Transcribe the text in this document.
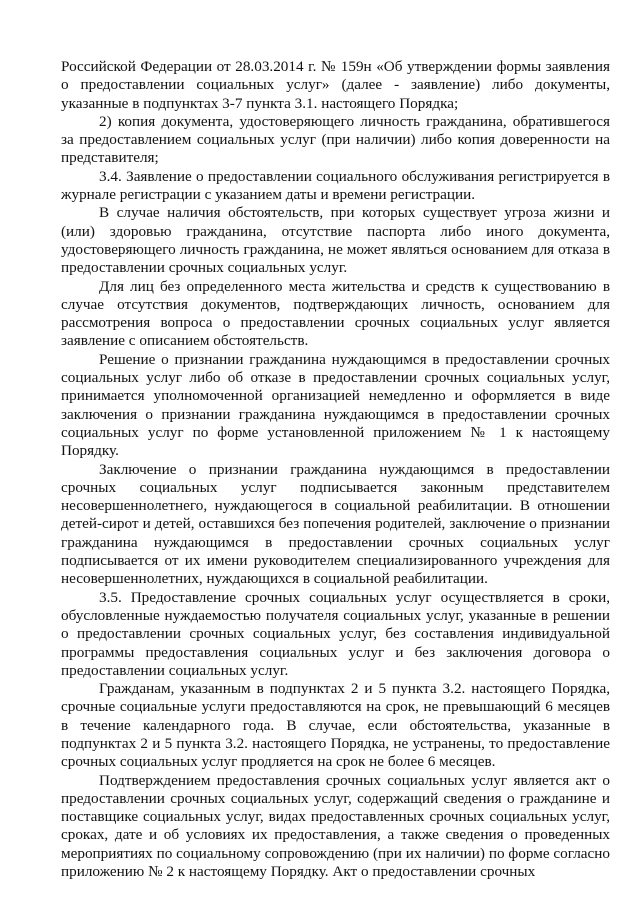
Российской Федерации от 28.03.2014 г. № 159н «Об утверждении формы заявления о предоставлении социальных услуг» (далее - заявление) либо документы, указанные в подпунктах 3-7 пункта 3.1. настоящего Порядка;

2) копия документа, удостоверяющего личность гражданина, обратившегося за предоставлением социальных услуг (при наличии) либо копия доверенности на представителя;

3.4. Заявление о предоставлении социального обслуживания регистрируется в журнале регистрации с указанием даты и времени регистрации.

В случае наличия обстоятельств, при которых существует угроза жизни и (или) здоровью гражданина, отсутствие паспорта либо иного документа, удостоверяющего личность гражданина, не может являться основанием для отказа в предоставлении срочных социальных услуг.

Для лиц без определенного места жительства и средств к существованию в случае отсутствия документов, подтверждающих личность, основанием для рассмотрения вопроса о предоставлении срочных социальных услуг является заявление с описанием обстоятельств.

Решение о признании гражданина нуждающимся в предоставлении срочных социальных услуг либо об отказе в предоставлении срочных социальных услуг, принимается уполномоченной организацией немедленно и оформляется в виде заключения о признании гражданина нуждающимся в предоставлении срочных социальных услуг по форме установленной приложением № 1 к настоящему Порядку.

Заключение о признании гражданина нуждающимся в предоставлении срочных социальных услуг подписывается законным представителем несовершеннолетнего, нуждающегося в социальной реабилитации. В отношении детей-сирот и детей, оставшихся без попечения родителей, заключение о признании гражданина нуждающимся в предоставлении срочных социальных услуг подписывается от их имени руководителем специализированного учреждения для несовершеннолетних, нуждающихся в социальной реабилитации.

3.5. Предоставление срочных социальных услуг осуществляется в сроки, обусловленные нуждаемостью получателя социальных услуг, указанные в решении о предоставлении срочных социальных услуг, без составления индивидуальной программы предоставления социальных услуг и без заключения договора о предоставлении социальных услуг.

Гражданам, указанным в подпунктах 2 и 5 пункта 3.2. настоящего Порядка, срочные социальные услуги предоставляются на срок, не превышающий 6 месяцев в течение календарного года. В случае, если обстоятельства, указанные в подпунктах 2 и 5 пункта 3.2. настоящего Порядка, не устранены, то предоставление срочных социальных услуг продляется на срок не более 6 месяцев.

Подтверждением предоставления срочных социальных услуг является акт о предоставлении срочных социальных услуг, содержащий сведения о гражданине и поставщике социальных услуг, видах предоставленных срочных социальных услуг, сроках, дате и об условиях их предоставления, а также сведения о проведенных мероприятиях по социальному сопровождению (при их наличии) по форме согласно приложению № 2 к настоящему Порядку. Акт о предоставлении срочных
